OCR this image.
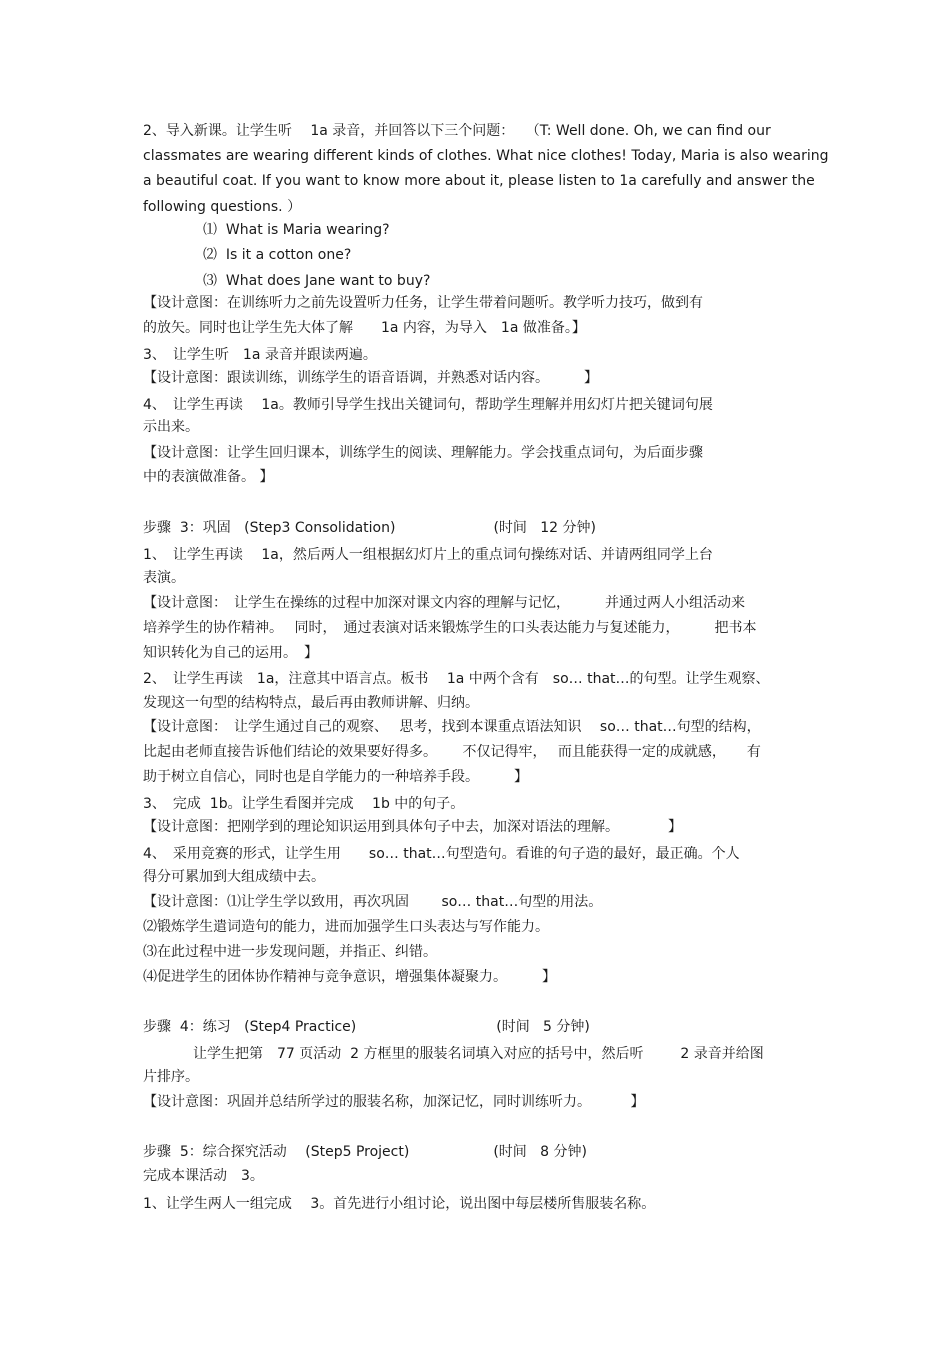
2、导入新课。让学生听　 1a 录音，并回答以下三个问题：　 （T: Well done. Oh, we can find our
classmates are wearing different kinds of clothes. What nice clothes! Today, Maria is also wearing
a beautiful coat. If you want to know more about it, please listen to 1a carefully and answer the
following questions. ）
⑴  What is Maria wearing?
⑵  Is it a cotton one?
⑶  What does Jane want to buy?
【设计意图：在训练听力之前先设置听力任务，让学生带着问题听。教学听力技巧，做到有
的放矢。同时也让学生先大体了解　　1a 内容，为导入　1a 做准备。】
3、　让学生听　1a 录音并跟读两遍。
【设计意图：跟读训练，训练学生的语音语调，并熟悉对话内容。　　　】
4、　让学生再读　 1a。教师引导学生找出关键词句，帮助学生理解并用幻灯片把关键词句展
示出来。
【设计意图：让学生回归课本，训练学生的阅读、理解能力。学会找重点词句，为后面步骤
中的表演做准备。 】
步骤  3：巩固   (Step3 Consolidation)　　　　　　　(时间   12 分钟)
1、　让学生再读　 1a，然后两人一组根据幻灯片上的重点词句操练对话、并请两组同学上台
表演。
【设计意图：　让学生在操练的过程中加深对课文内容的理解与记忆，　　　并通过两人小组活动来
培养学生的协作精神。　 同时，　通过表演对话来锻炼学生的口头表达能力与复述能力，　　　把书本
知识转化为自己的运用。　】
2、　让学生再读　1a，注意其中语言点。板书　 1a 中两个含有　so… that…的句型。让学生观察、
发现这一句型的结构特点，最后再由教师讲解、归纳。
【设计意图：　让学生通过自己的观察、　 思考，找到本课重点语法知识　 so… that…句型的结构，
比起由老师直接告诉他们结论的效果要好得多。　　 不仅记得牢，　 而且能获得一定的成就感，　　有
助于树立自信心，同时也是自学能力的一种培养手段。　　　】
3、　完成  1b。让学生看图并完成　 1b 中的句子。
【设计意图：把刚学到的理论知识运用到具体句子中去，加深对语法的理解。　　　　】
4、　采用竞赛的形式，让学生用　　so… that…句型造句。看谁的句子造的最好，最正确。个人
得分可累加到大组成绩中去。
【设计意图：⑴让学生学以致用，再次巩固　　 so… that…句型的用法。
⑵锻炼学生遣词造句的能力，进而加强学生口头表达与写作能力。
⑶在此过程中进一步发现问题，并指正、纠错。
⑷促进学生的团体协作精神与竞争意识，增强集体凝聚力。　　　】
步骤  4：练习   (Step4 Practice)　　　　　　　　　　(时间   5 分钟)
让学生把第　77 页活动  2 方框里的服装名词填入对应的括号中，然后听　　  2 录音并给图
片排序。
【设计意图：巩固并总结所学过的服装名称，加深记忆，同时训练听力。　　　 】
步骤  5：综合探究活动　 (Step5 Project)　　　　　　(时间   8 分钟)
完成本课活动　3。
1、让学生两人一组完成　 3。首先进行小组讨论，说出图中每层楼所售服装名称。
